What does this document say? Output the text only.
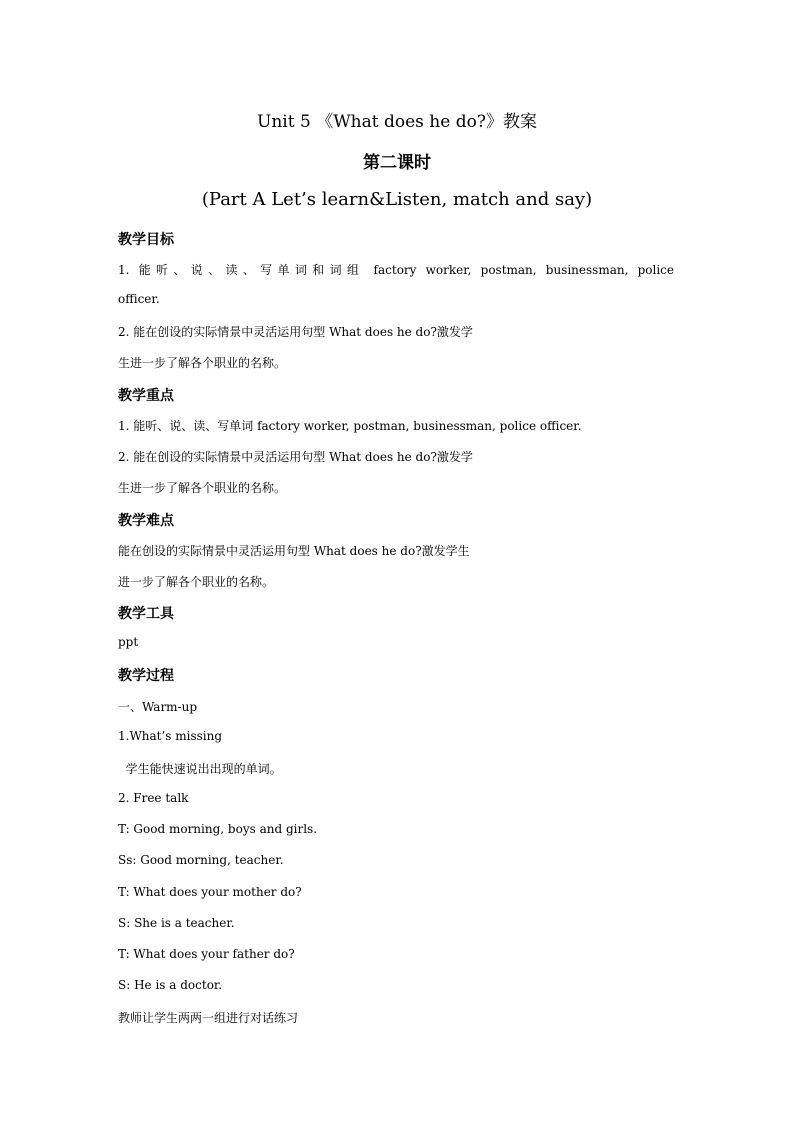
Unit 5 《What does he do?》教案
第二课时
(Part A Let’s learn&Listen, match and say)
教学目标
1. 能听、说、读、写单词和词组 factory worker, postman, businessman, police
officer.
2. 能在创设的实际情景中灵活运用句型 What does he do?激发学
生进一步了解各个职业的名称。
教学重点
1. 能听、说、读、写单词 factory worker, postman, businessman, police officer.
2. 能在创设的实际情景中灵活运用句型 What does he do?激发学
生进一步了解各个职业的名称。
教学难点
能在创设的实际情景中灵活运用句型 What does he do?激发学生
进一步了解各个职业的名称。
教学工具
ppt
教学过程
一、Warm-up
1.What’s missing
学生能快速说出出现的单词。
2. Free talk
T: Good morning, boys and girls.
Ss: Good morning, teacher.
T: What does your mother do?
S: She is a teacher.
T: What does your father do?
S: He is a doctor.
教师让学生两两一组进行对话练习
